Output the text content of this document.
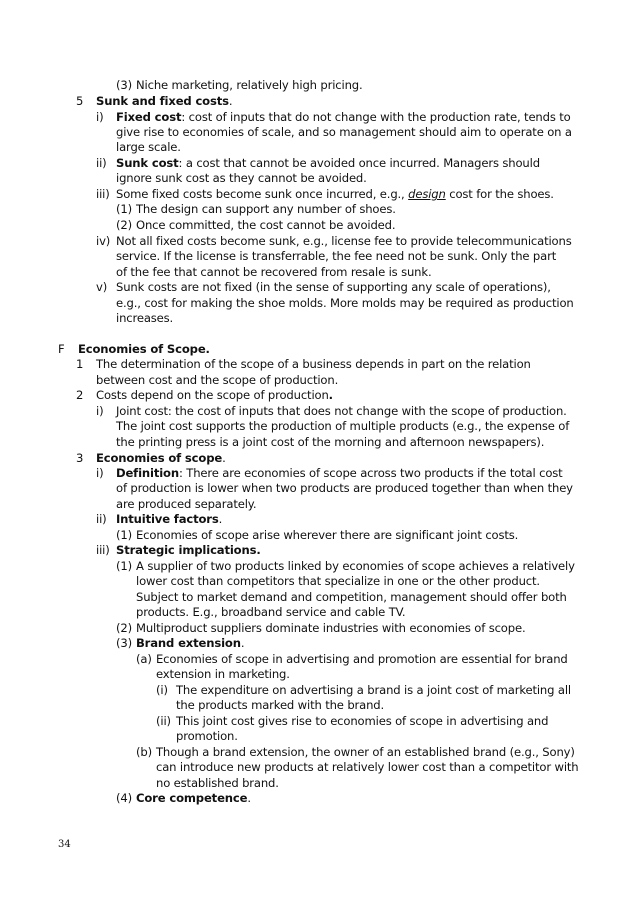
34
(3) Niche marketing, relatively high pricing.
5 Sunk and fixed costs.
i) Fixed cost: cost of inputs that do not change with the production rate, tends to
give rise to economies of scale, and so management should aim to operate on a
large scale.
ii) Sunk cost: a cost that cannot be avoided once incurred. Managers should
ignore sunk cost as they cannot be avoided.
iii) Some fixed costs become sunk once incurred, e.g., design cost for the shoes.
(1) The design can support any number of shoes.
(2) Once committed, the cost cannot be avoided.
iv) Not all fixed costs become sunk, e.g., license fee to provide telecommunications
service. If the license is transferrable, the fee need not be sunk. Only the part
of the fee that cannot be recovered from resale is sunk.
v) Sunk costs are not fixed (in the sense of supporting any scale of operations),
e.g., cost for making the shoe molds. More molds may be required as production
increases.
F Economies of Scope.
1 The determination of the scope of a business depends in part on the relation
between cost and the scope of production.
2 Costs depend on the scope of production.
i) Joint cost: the cost of inputs that does not change with the scope of production.
The joint cost supports the production of multiple products (e.g., the expense of
the printing press is a joint cost of the morning and afternoon newspapers).
3 Economies of scope.
i) Definition: There are economies of scope across two products if the total cost
of production is lower when two products are produced together than when they
are produced separately.
ii) Intuitive factors.
(1) Economies of scope arise wherever there are significant joint costs.
iii) Strategic implications.
(1) A supplier of two products linked by economies of scope achieves a relatively
lower cost than competitors that specialize in one or the other product.
Subject to market demand and competition, management should offer both
products. E.g., broadband service and cable TV.
(2) Multiproduct suppliers dominate industries with economies of scope.
(3) Brand extension.
(a) Economies of scope in advertising and promotion are essential for brand
extension in marketing.
(i) The expenditure on advertising a brand is a joint cost of marketing all
the products marked with the brand.
(ii) This joint cost gives rise to economies of scope in advertising and
promotion.
(b) Though a brand extension, the owner of an established brand (e.g., Sony)
can introduce new products at relatively lower cost than a competitor with
no established brand.
(4) Core competence.
